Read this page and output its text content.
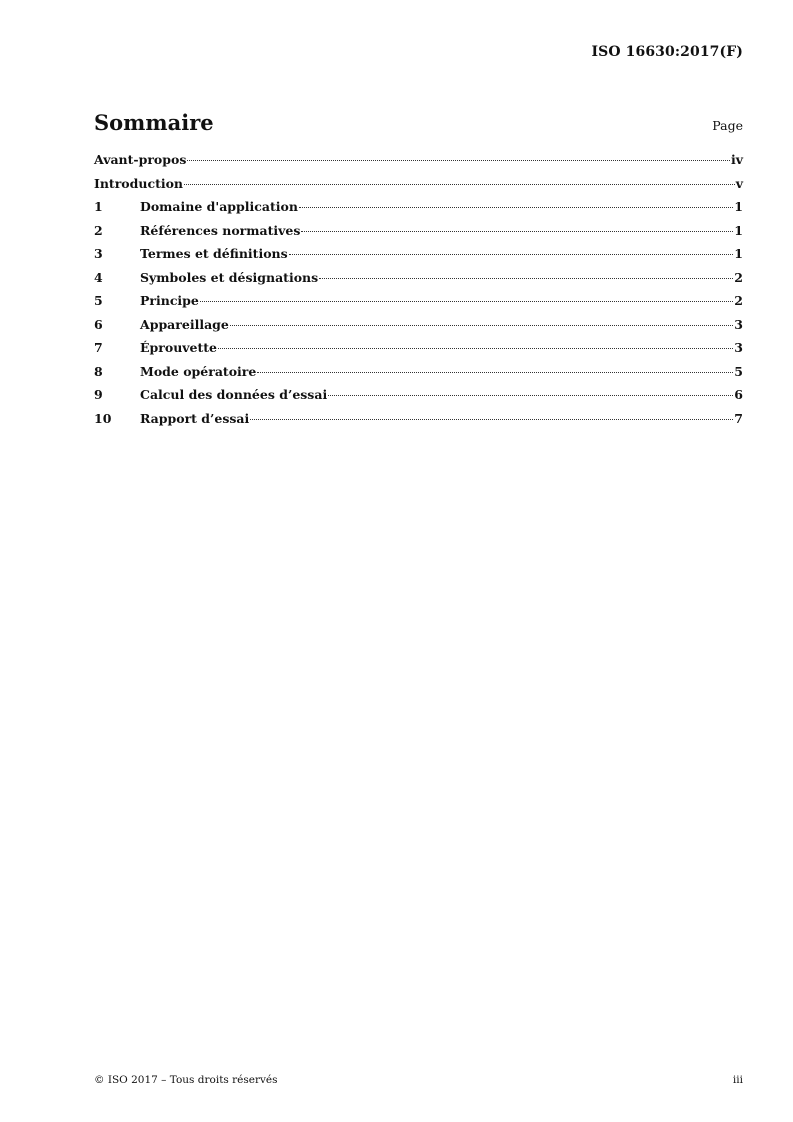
ISO 16630:2017(F)
Sommaire	Page
Avant-propos	iv
Introduction	v
1	Domaine d'application	1
2	Références normatives	1
3	Termes et définitions	1
4	Symboles et désignations	2
5	Principe	2
6	Appareillage	3
7	Éprouvette	3
8	Mode opératoire	5
9	Calcul des données d’essai	6
10	Rapport d’essai	7
© ISO 2017 – Tous droits réservés	iii
